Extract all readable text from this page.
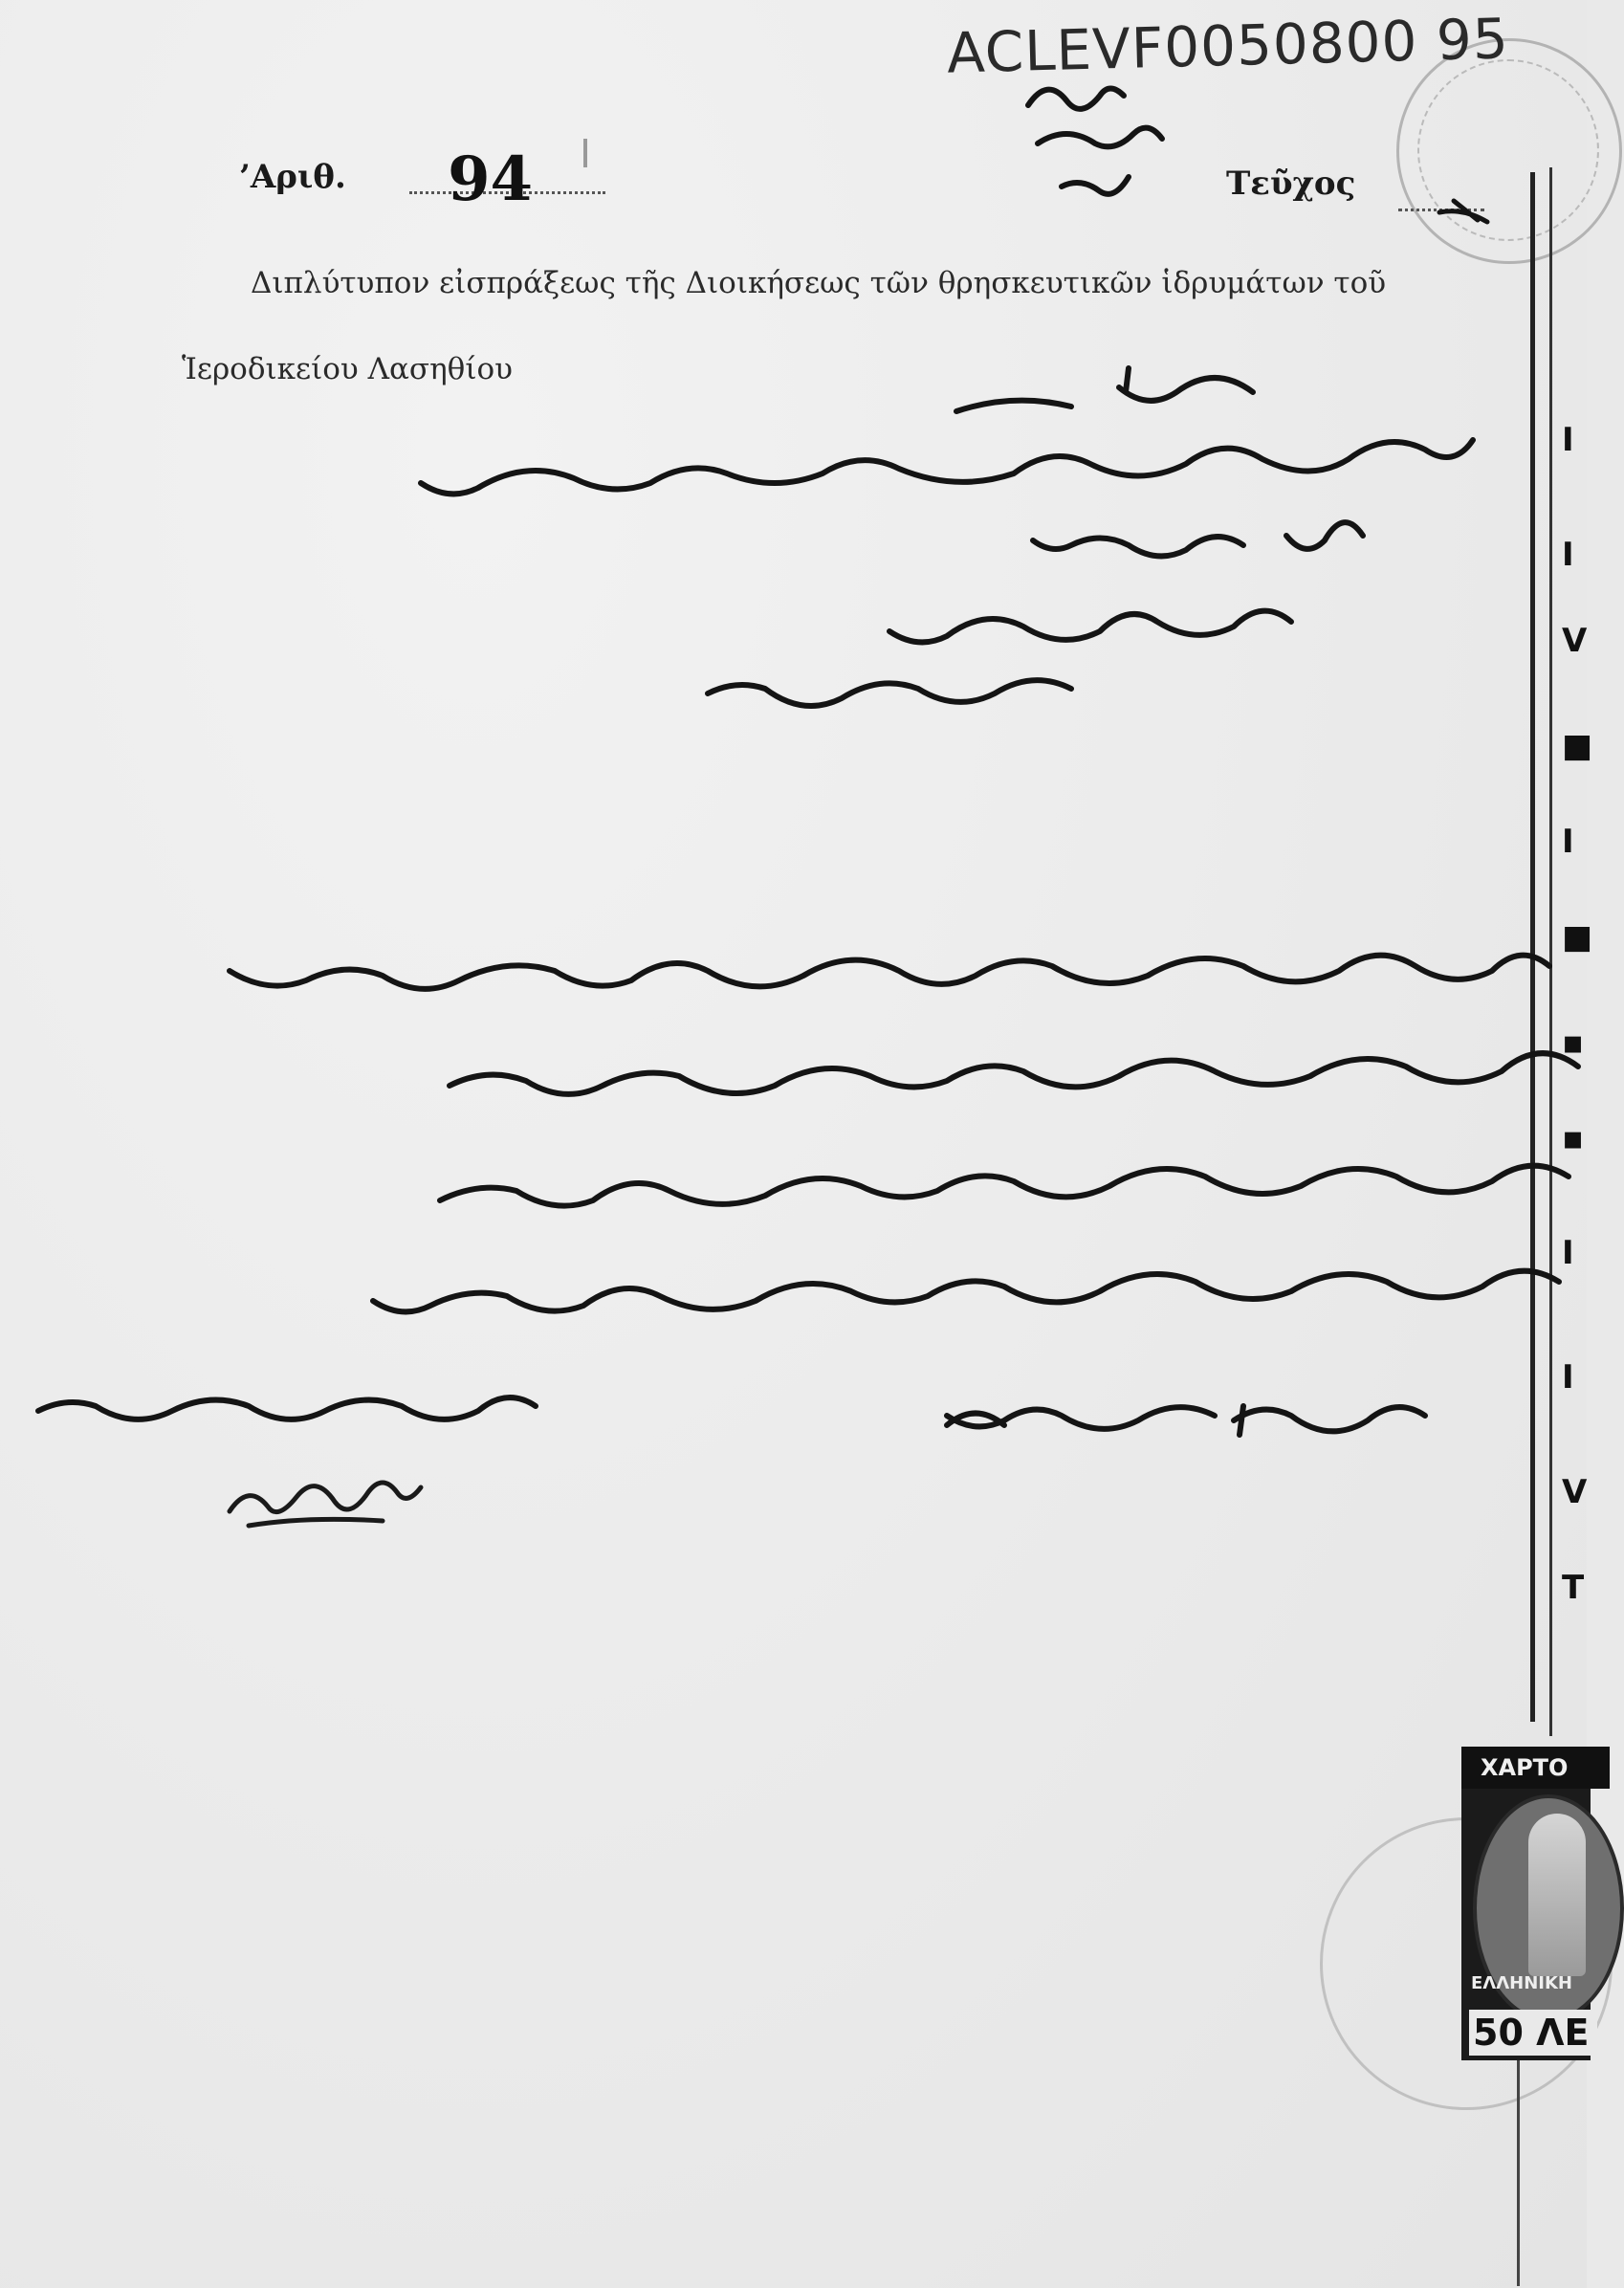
ACLEVF0050800 95
’Αριθ. 94	Τεῦχος
Διπλύτυπον εἰσπράξεως τῆς Διοικήσεως τῶν θρησκευτικῶν ἱδρυμάτων τοῦ
Ἱεροδικείου Λασηθίου
I
I
V
■
I
■
▪
▪
I
I
V
T
ΧΑΡΤΟ
ΕΛΛΗΝΙΚΗ
50 ΛΕ
